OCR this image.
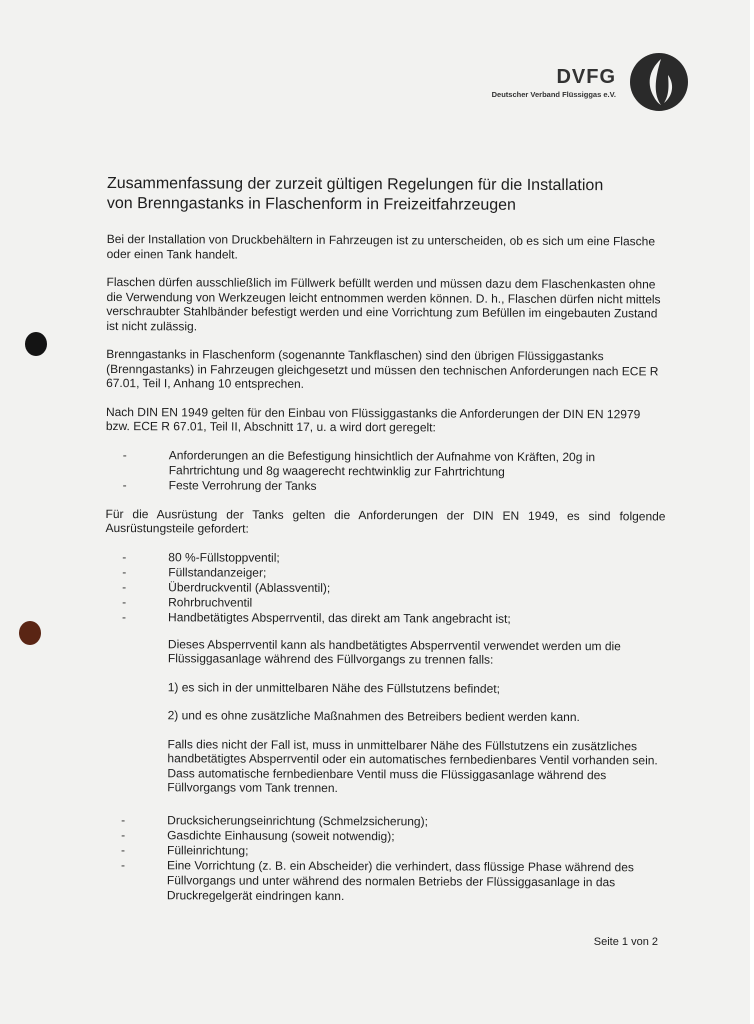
DVFG
Deutscher Verband Flüssiggas e.V.
Zusammenfassung der zurzeit gültigen Regelungen für die Installation
von Brenngastanks in Flaschenform in Freizeitfahrzeugen

Bei der Installation von Druckbehältern in Fahrzeugen ist zu unterscheiden, ob es sich um eine Flasche oder einen Tank handelt.

Flaschen dürfen ausschließlich im Füllwerk befüllt werden und müssen dazu dem Flaschenkasten ohne die Verwendung von Werkzeugen leicht entnommen werden können. D. h., Flaschen dürfen nicht mittels verschraubter Stahlbänder befestigt werden und eine Vorrichtung zum Befüllen im eingebauten Zustand ist nicht zulässig.

Brenngastanks in Flaschenform (sogenannte Tankflaschen) sind den übrigen Flüssiggastanks (Brenngastanks) in Fahrzeugen gleichgesetzt und müssen den technischen Anforderungen nach ECE R 67.01, Teil I, Anhang 10 entsprechen.

Nach DIN EN 1949 gelten für den Einbau von Flüssiggastanks die Anforderungen der DIN EN 12979 bzw. ECE R 67.01, Teil II, Abschnitt 17, u. a wird dort geregelt:

- Anforderungen an die Befestigung hinsichtlich der Aufnahme von Kräften, 20g in Fahrtrichtung und 8g waagerecht rechtwinklig zur Fahrtrichtung
- Feste Verrohrung der Tanks

Für die Ausrüstung der Tanks gelten die Anforderungen der DIN EN 1949, es sind folgende Ausrüstungsteile gefordert:

- 80 %-Füllstoppventil;
- Füllstandanzeiger;
- Überdruckventil (Ablassventil);
- Rohrbruchventil
- Handbetätigtes Absperrventil, das direkt am Tank angebracht ist;

Dieses Absperrventil kann als handbetätigtes Absperrventil verwendet werden um die Flüssiggasanlage während des Füllvorgangs zu trennen falls:

1) es sich in der unmittelbaren Nähe des Füllstutzens befindet;

2) und es ohne zusätzliche Maßnahmen des Betreibers bedient werden kann.

Falls dies nicht der Fall ist, muss in unmittelbarer Nähe des Füllstutzens ein zusätzliches handbetätigtes Absperrventil oder ein automatisches fernbedienbares Ventil vorhanden sein. Dass automatische fernbedienbare Ventil muss die Flüssiggasanlage während des Füllvorgangs vom Tank trennen.

- Drucksicherungseinrichtung (Schmelzsicherung);
- Gasdichte Einhausung (soweit notwendig);
- Fülleinrichtung;
- Eine Vorrichtung (z. B. ein Abscheider) die verhindert, dass flüssige Phase während des Füllvorgangs und unter während des normalen Betriebs der Flüssiggasanlage in das Druckregelgerät eindringen kann.
Seite 1 von 2
